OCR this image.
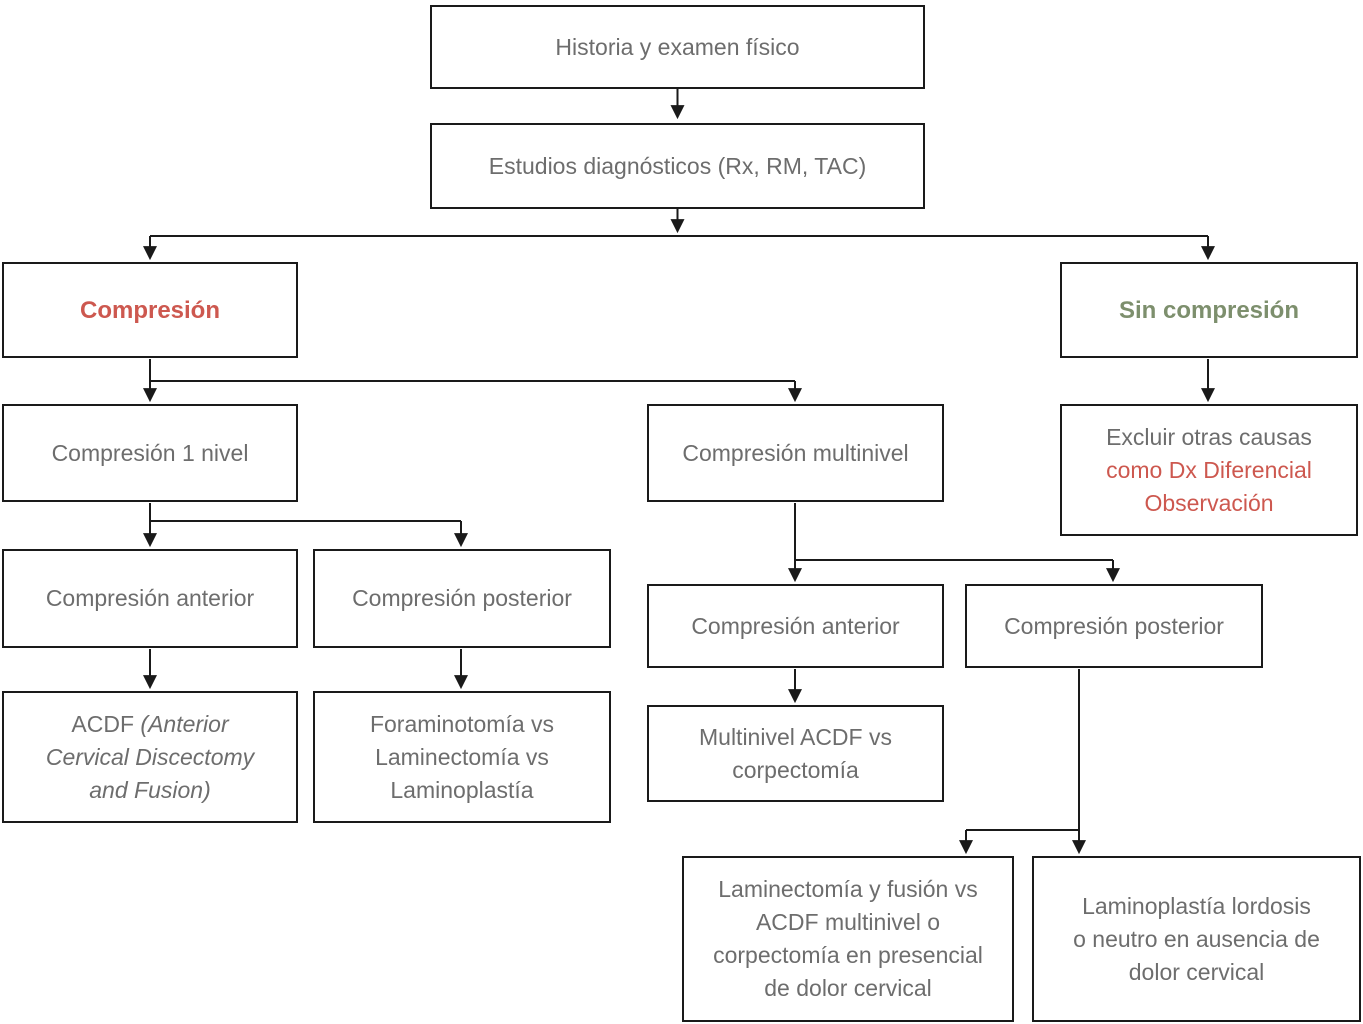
Historia y examen físico
Estudios diagnósticos (Rx, RM, TAC)
Compresión	Sin compresión
Compresión 1 nivel	Compresión multinivel
Excluir otras causas
como Dx Diferencial
Observación
Compresión anterior	Compresión posterior
ACDF (Anterior
Cervical Discectomy
and Fusion)
Foraminotomía vs
Laminectomía vs
Laminoplastía
Compresión anterior	Compresión posterior
Multinivel ACDF vs
corpectomía
Laminectomía y fusión vs
ACDF multinivel o
corpectomía en presencial
de dolor cervical
Laminoplastía lordosis
o neutro en ausencia de
dolor cervical
